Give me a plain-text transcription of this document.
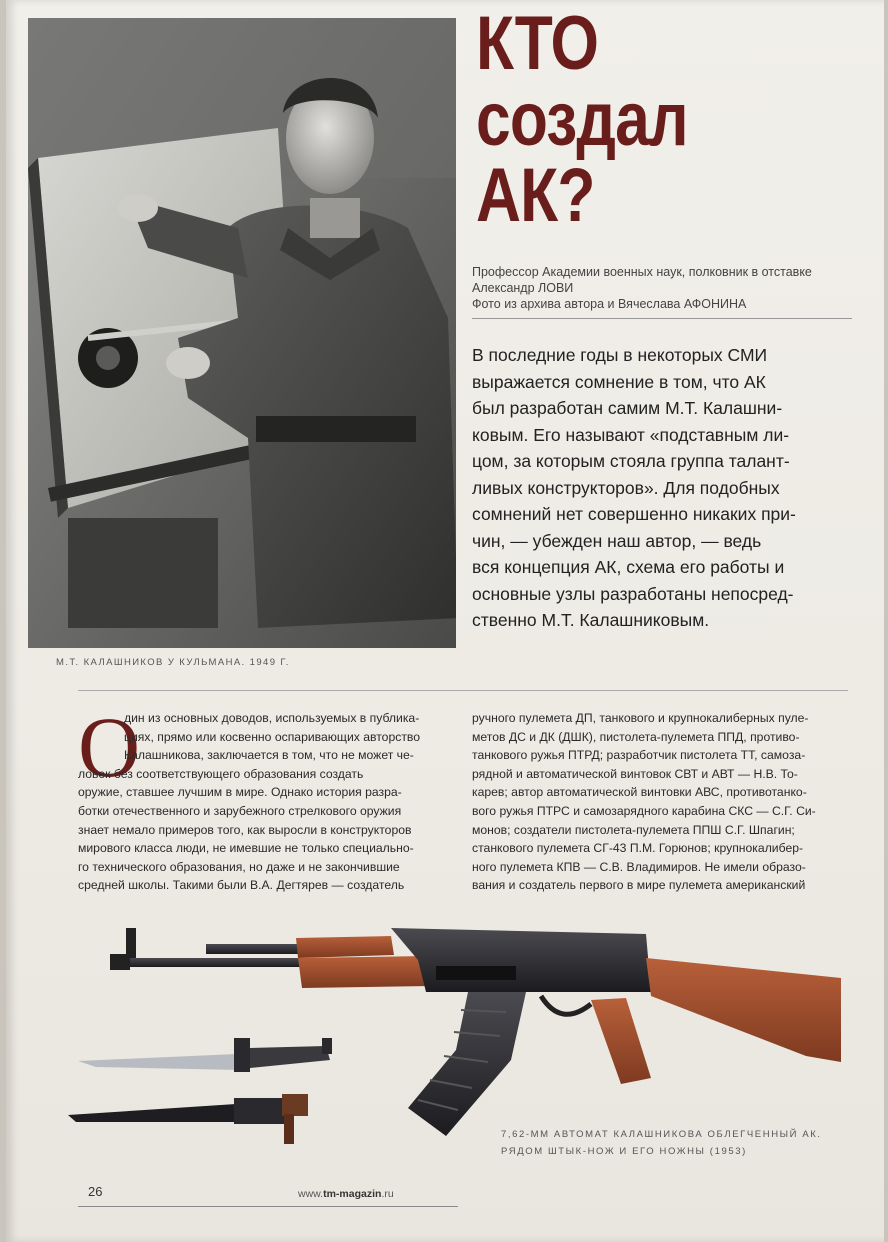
М.Т. КАЛАШНИКОВ У КУЛЬМАНА. 1949 Г.
КТО
создал
АК?
Профессор Академии военных наук, полковник в отставке
Александр ЛОВИ
Фото из архива автора и Вячеслава АФОНИНА
В последние годы в некоторых СМИ
выражается сомнение в том, что АК
был разработан самим М.Т. Калашни-
ковым. Его называют «подставным ли-
цом, за которым стояла группа талант-
ливых конструкторов». Для подобных
сомнений нет совершенно никаких при-
чин, — убежден наш автор, — ведь
вся концепция АК, схема его работы и
основные узлы разработаны непосред-
ственно М.Т. Калашниковым.
О
дин из основных доводов, используемых в публика-
циях, прямо или косвенно оспаривающих авторство
Калашникова, заключается в том, что не может че-
ловек без соответствующего образования создать
оружие, ставшее лучшим в мире. Однако история разра-
ботки отечественного и зарубежного стрелкового оружия
знает немало примеров того, как выросли в конструкторов
мирового класса люди, не имевшие не только специально-
го технического образования, но даже и не закончившие
средней школы. Такими были В.А. Дегтярев — создатель
ручного пулемета ДП, танкового и крупнокалиберных пуле-
метов ДС и ДК (ДШК), пистолета-пулемета ППД, противо-
танкового ружья ПТРД; разработчик пистолета ТТ, самоза-
рядной и автоматической винтовок СВТ и АВТ — Н.В. То-
карев; автор автоматической винтовки АВС, противотанко-
вого ружья ПТРС и самозарядного карабина СКС — С.Г. Си-
монов; создатели пистолета-пулемета ППШ С.Г. Шпагин;
станкового пулемета СГ-43 П.М. Горюнов; крупнокалибер-
ного пулемета КПВ — С.В. Владимиров. Не имели образо-
вания и создатель первого в мире пулемета американский
7,62-ММ АВТОМАТ КАЛАШНИКОВА ОБЛЕГЧЕННЫЙ АК.
РЯДОМ ШТЫК-НОЖ И ЕГО НОЖНЫ (1953)
26	www.tm-magazin.ru
